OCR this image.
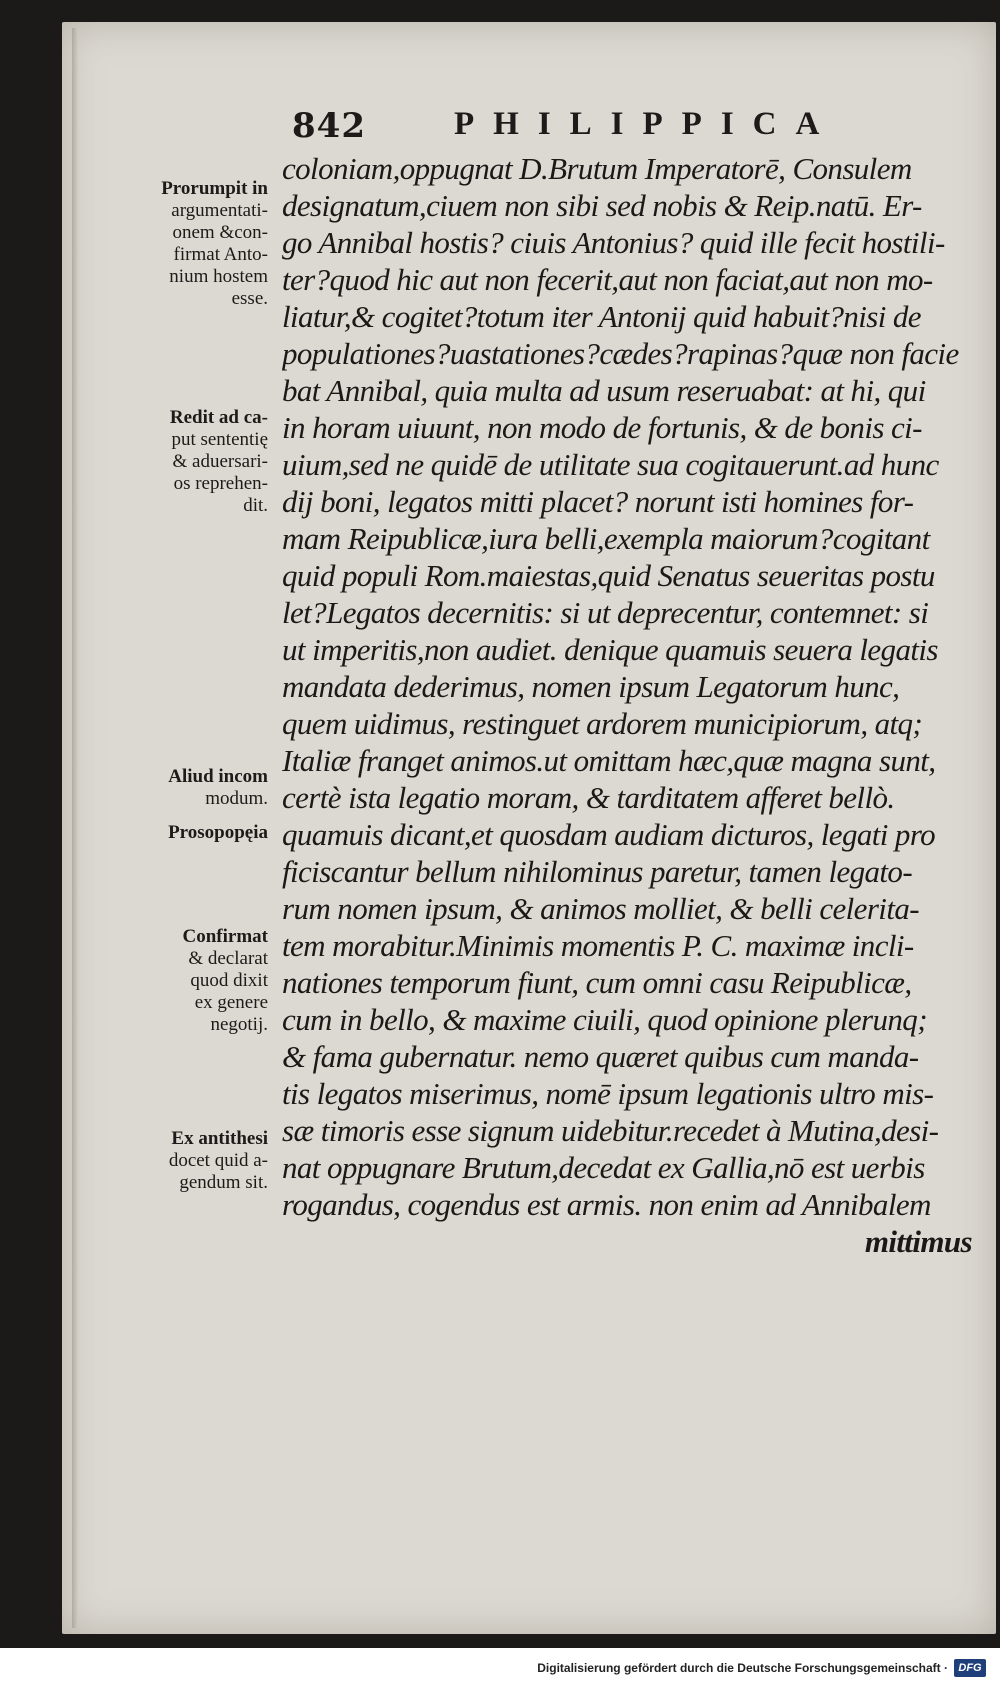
842	PHILIPPICA
coloniam,oppugnat D.Brutum Imperatorē, Consulem
designatum,ciuem non sibi sed nobis & Reip.natū. Er-
go Annibal hostis? ciuis Antonius? quid ille fecit hostili-
ter?quod hic aut non fecerit,aut non faciat,aut non mo-
liatur,& cogitet?totum iter Antonij quid habuit?nisi de
populationes?uastationes?cædes?rapinas?quæ non facie
bat Annibal, quia multa ad usum reseruabat: at hi, qui
in horam uiuunt, non modo de fortunis, & de bonis ci-
uium,sed ne quidē de utilitate sua cogitauerunt.ad hunc
dij boni, legatos mitti placet? norunt isti homines for-
mam Reipublicæ,iura belli,exempla maiorum?cogitant
quid populi Rom.maiestas,quid Senatus seueritas postu
let?Legatos decernitis: si ut deprecentur, contemnet: si
ut imperitis,non audiet. denique quamuis seuera legatis
mandata dederimus, nomen ipsum Legatorum hunc,
quem uidimus, restinguet ardorem municipiorum, atq;
Italiæ franget animos.ut omittam hæc,quæ magna sunt,
certè ista legatio moram, & tarditatem afferet bellò.
quamuis dicant,et quosdam audiam dicturos, legati pro
ficiscantur bellum nihilominus paretur, tamen legato-
rum nomen ipsum, & animos molliet, & belli celerita-
tem morabitur.Minimis momentis P. C. maximæ incli-
nationes temporum fiunt, cum omni casu Reipublicæ,
cum in bello, & maxime ciuili, quod opinione plerunq;
& fama gubernatur. nemo quæret quibus cum manda-
tis legatos miserimus, nomē ipsum legationis ultro mis-
sæ timoris esse signum uidebitur.recedet à Mutina,desi-
nat oppugnare Brutum,decedat ex Gallia,nō est uerbis
rogandus, cogendus est armis. non enim ad Annibalem
mittimus
Prorumpit in
argumentati-
onem &con-
firmat Anto-
nium hostem
esse.
Redit ad ca-
put sententię
& aduersari-
os reprehen-
dit.
Aliud incom
modum.
Prosopopęia
Confirmat
& declarat
quod dixit
ex genere
negotij.
Ex antithesi
docet quid a-
gendum sit.
Digitalisierung gefördert durch die Deutsche Forschungsgemeinschaft · DFG
